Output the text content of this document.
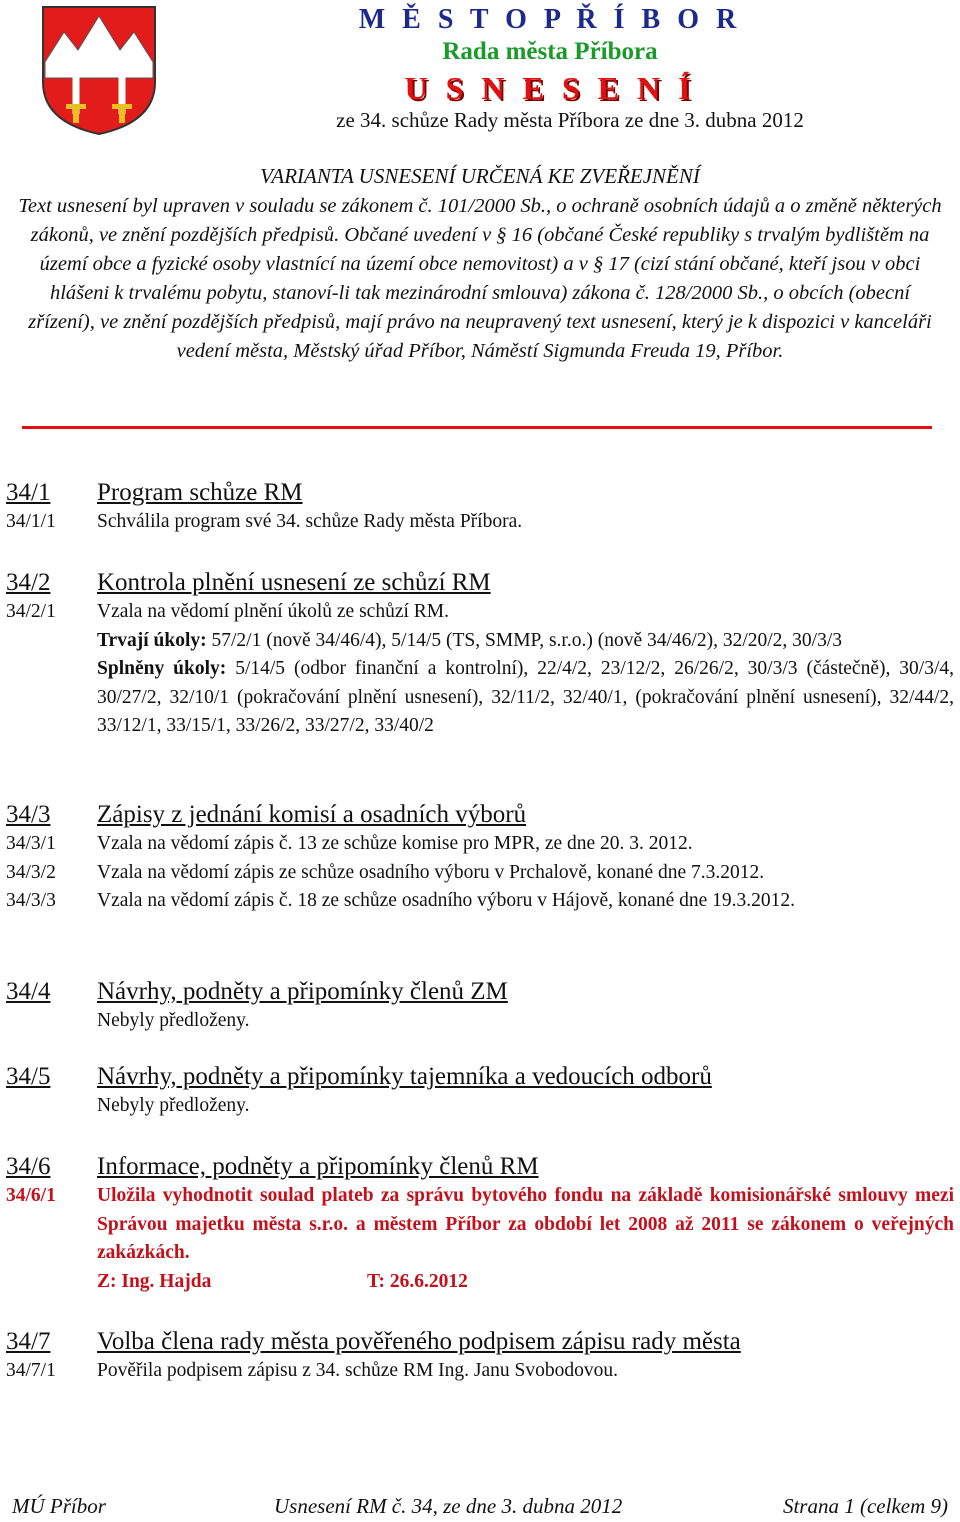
M Ě S T O P Ř Í B O R
Rada města Příbora
U S N E S E N Í
ze 34. schůze Rady města Příbora ze dne 3. dubna 2012
VARIANTA USNESENÍ URČENÁ KE ZVEŘEJNĚNÍ
Text usnesení byl upraven v souladu se zákonem č. 101/2000 Sb., o ochraně osobních údajů a o změně některých zákonů, ve znění pozdějších předpisů. Občané uvedení v § 16 (občané České republiky s trvalým bydlištěm na území obce a fyzické osoby vlastnící na území obce nemovitost) a v § 17 (cizí stání občané, kteří jsou v obci hlášeni k trvalému pobytu, stanoví-li tak mezinárodní smlouva) zákona č. 128/2000 Sb., o obcích (obecní zřízení), ve znění pozdějších předpisů, mají právo na neupravený text usnesení, který je k dispozici v kanceláři vedení města, Městský úřad Příbor, Náměstí Sigmunda Freuda 19, Příbor.
34/1	Program schůze RM
34/1/1	Schválila program své 34. schůze Rady města Příbora.
34/2	Kontrola plnění usnesení ze schůzí RM
34/2/1	Vzala na vědomí plnění úkolů ze schůzí RM.
Trvají úkoly: 57/2/1 (nově 34/46/4), 5/14/5 (TS, SMMP, s.r.o.) (nově 34/46/2), 32/20/2, 30/3/3
Splněny úkoly: 5/14/5 (odbor finanční a kontrolní), 22/4/2, 23/12/2, 26/26/2, 30/3/3 (částečně), 30/3/4, 30/27/2, 32/10/1 (pokračování plnění usnesení), 32/11/2, 32/40/1, (pokračování plnění usnesení), 32/44/2, 33/12/1, 33/15/1, 33/26/2, 33/27/2, 33/40/2
34/3	Zápisy z jednání komisí a osadních výborů
34/3/1	Vzala na vědomí zápis č. 13 ze schůze komise pro MPR, ze dne 20. 3. 2012.
34/3/2	Vzala na vědomí zápis ze schůze osadního výboru v Prchalově, konané dne 7.3.2012.
34/3/3	Vzala na vědomí zápis č. 18 ze schůze osadního výboru v Hájově, konané dne 19.3.2012.
34/4	Návrhy, podněty a připomínky členů ZM
Nebyly předloženy.
34/5	Návrhy, podněty a připomínky tajemníka a vedoucích odborů
Nebyly předloženy.
34/6	Informace, podněty a připomínky členů RM
34/6/1	Uložila vyhodnotit soulad plateb za správu bytového fondu na základě komisionářské smlouvy mezi Správou majetku města s.r.o. a městem Příbor za období let 2008 až 2011 se zákonem o veřejných zakázkách.
Z: Ing. Hajda	T: 26.6.2012
34/7	Volba člena rady města pověřeného podpisem zápisu rady města
34/7/1	Pověřila podpisem zápisu z 34. schůze RM Ing. Janu Svobodovou.
MÚ Příbor	Usnesení RM č. 34, ze dne 3. dubna 2012	Strana 1 (celkem 9)
